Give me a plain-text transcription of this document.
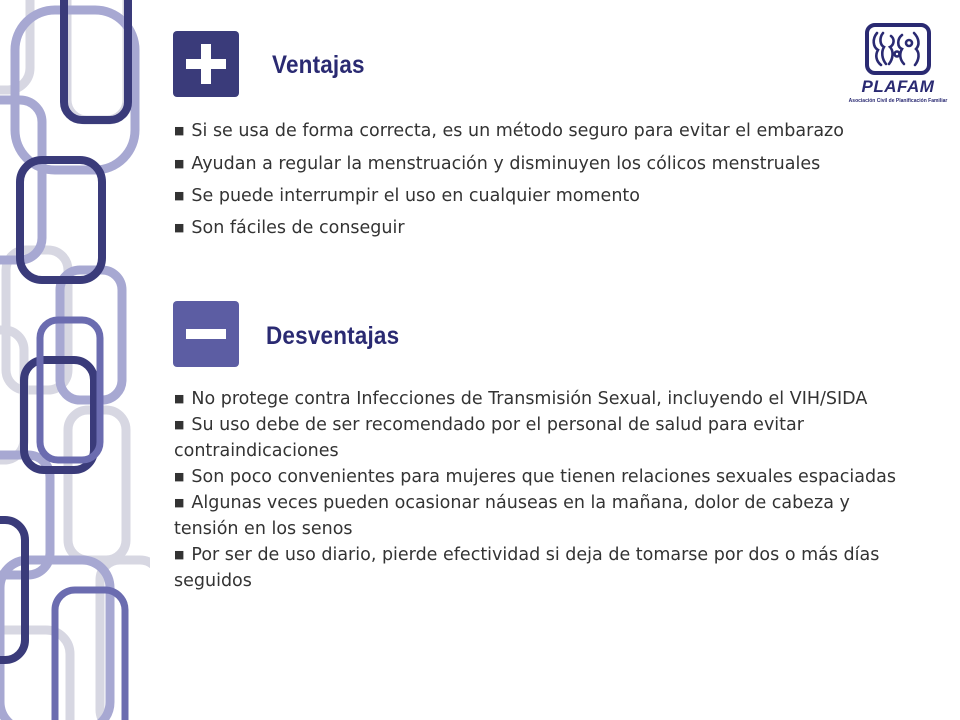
Ventajas
■ Si se usa de forma correcta, es un método seguro para evitar el embarazo
■ Ayudan a regular la menstruación y disminuyen los cólicos menstruales
■ Se puede interrumpir el uso en cualquier momento
■ Son fáciles de conseguir
Desventajas
■ No protege contra Infecciones de Transmisión Sexual, incluyendo el VIH/SIDA
■ Su uso debe de ser recomendado por el personal de salud para evitar contraindicaciones
■ Son poco convenientes para mujeres que tienen relaciones sexuales espaciadas
■ Algunas veces pueden ocasionar náuseas en la mañana, dolor de cabeza y tensión en los senos
■ Por ser de uso diario, pierde efectividad si deja de tomarse por dos o más días seguidos
PLAFAM
Asociación Civil de Planificación Familiar
